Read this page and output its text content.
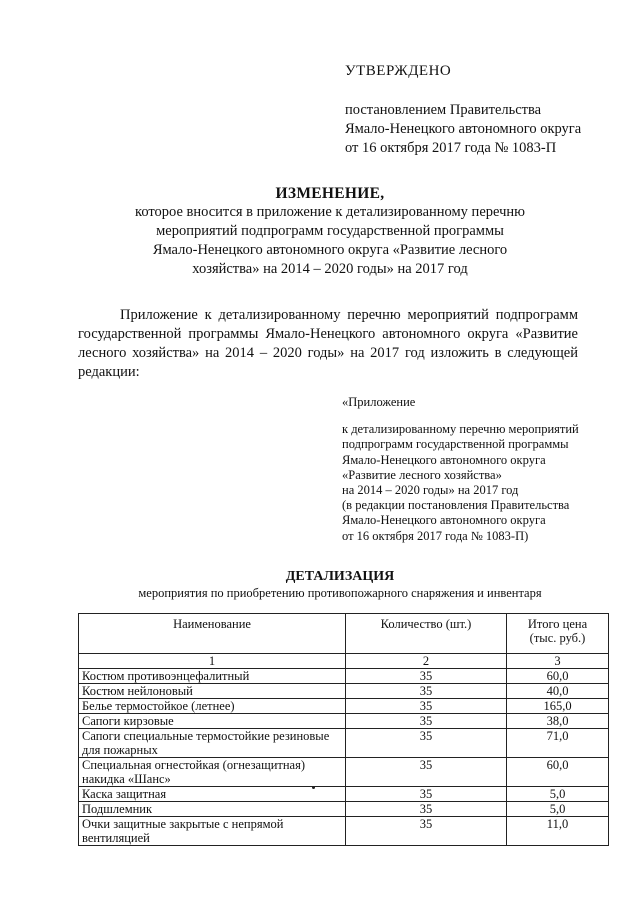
УТВЕРЖДЕНО
постановлением Правительства
Ямало-Ненецкого автономного округа
от 16 октября 2017 года № 1083-П
ИЗМЕНЕНИЕ,
которое вносится в приложение к детализированному перечню
мероприятий подпрограмм государственной программы
Ямало-Ненецкого автономного округа «Развитие лесного
хозяйства» на 2014 – 2020 годы» на 2017 год
Приложение к детализированному перечню мероприятий подпрограмм государственной программы Ямало-Ненецкого автономного округа «Развитие лесного хозяйства» на 2014 – 2020 годы» на 2017 год изложить в следующей редакции:
«Приложение
к детализированному перечню мероприятий
подпрограмм государственной программы
Ямало-Ненецкого автономного округа
«Развитие лесного хозяйства»
на 2014 – 2020 годы» на 2017 год
(в редакции постановления Правительства
Ямало-Ненецкого автономного округа
от 16 октября 2017 года № 1083-П)
ДЕТАЛИЗАЦИЯ
мероприятия по приобретению противопожарного снаряжения и инвентаря
Наименование	Количество (шт.)	Итого цена
(тыс. руб.)

1	2	3
Костюм противоэнцефалитный	35	60,0
Костюм нейлоновый	35	40,0
Белье термостойкое (летнее)	35	165,0
Сапоги кирзовые	35	38,0
Сапоги специальные термостойкие резиновые для пожарных	35	71,0
Специальная огнестойкая (огнезащитная) накидка «Шанс»	35	60,0
Каска защитная	35	5,0
Подшлемник	35	5,0
Очки защитные закрытые с непрямой вентиляцией	35	11,0
